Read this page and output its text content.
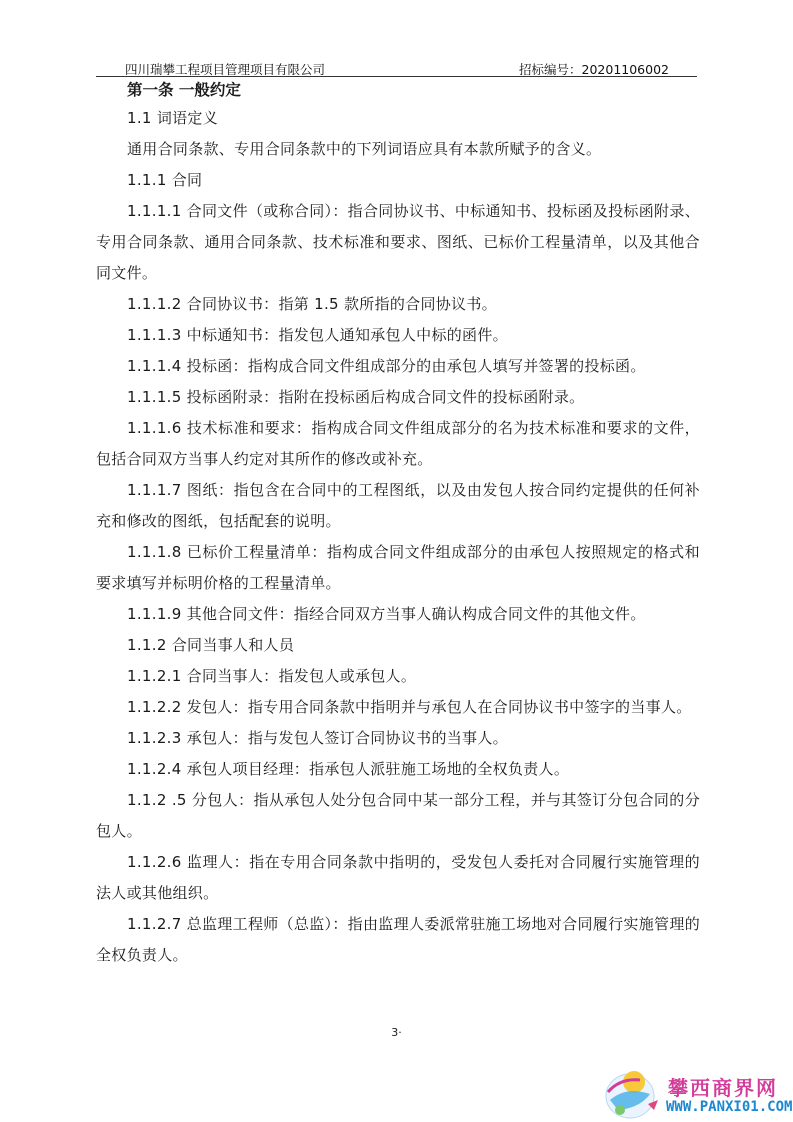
四川瑞攀工程项目管理项目有限公司	招标编号：20201106002
第一条 一般约定

1.1 词语定义

通用合同条款、专用合同条款中的下列词语应具有本款所赋予的含义。

1.1.1 合同

1.1.1.1 合同文件（或称合同）：指合同协议书、中标通知书、投标函及投标函附录、专用合同条款、通用合同条款、技术标准和要求、图纸、已标价工程量清单，以及其他合同文件。

1.1.1.2 合同协议书：指第 1.5 款所指的合同协议书。

1.1.1.3 中标通知书：指发包人通知承包人中标的函件。

1.1.1.4 投标函：指构成合同文件组成部分的由承包人填写并签署的投标函。

1.1.1.5 投标函附录：指附在投标函后构成合同文件的投标函附录。

1.1.1.6 技术标准和要求：指构成合同文件组成部分的名为技术标准和要求的文件，包括合同双方当事人约定对其所作的修改或补充。

1.1.1.7 图纸：指包含在合同中的工程图纸，以及由发包人按合同约定提供的任何补充和修改的图纸，包括配套的说明。

1.1.1.8 已标价工程量清单：指构成合同文件组成部分的由承包人按照规定的格式和要求填写并标明价格的工程量清单。

1.1.1.9 其他合同文件：指经合同双方当事人确认构成合同文件的其他文件。

1.1.2 合同当事人和人员

1.1.2.1 合同当事人：指发包人或承包人。

1.1.2.2 发包人：指专用合同条款中指明并与承包人在合同协议书中签字的当事人。

1.1.2.3 承包人：指与发包人签订合同协议书的当事人。

1.1.2.4 承包人项目经理：指承包人派驻施工场地的全权负责人。

1.1.2 .5 分包人：指从承包人处分包合同中某一部分工程，并与其签订分包合同的分包人。

1.1.2.6 监理人：指在专用合同条款中指明的，受发包人委托对合同履行实施管理的法人或其他组织。

1.1.2.7 总监理工程师（总监）：指由监理人委派常驻施工场地对合同履行实施管理的全权负责人。

3·
攀西商界网
WWW.PANXI01.COM
